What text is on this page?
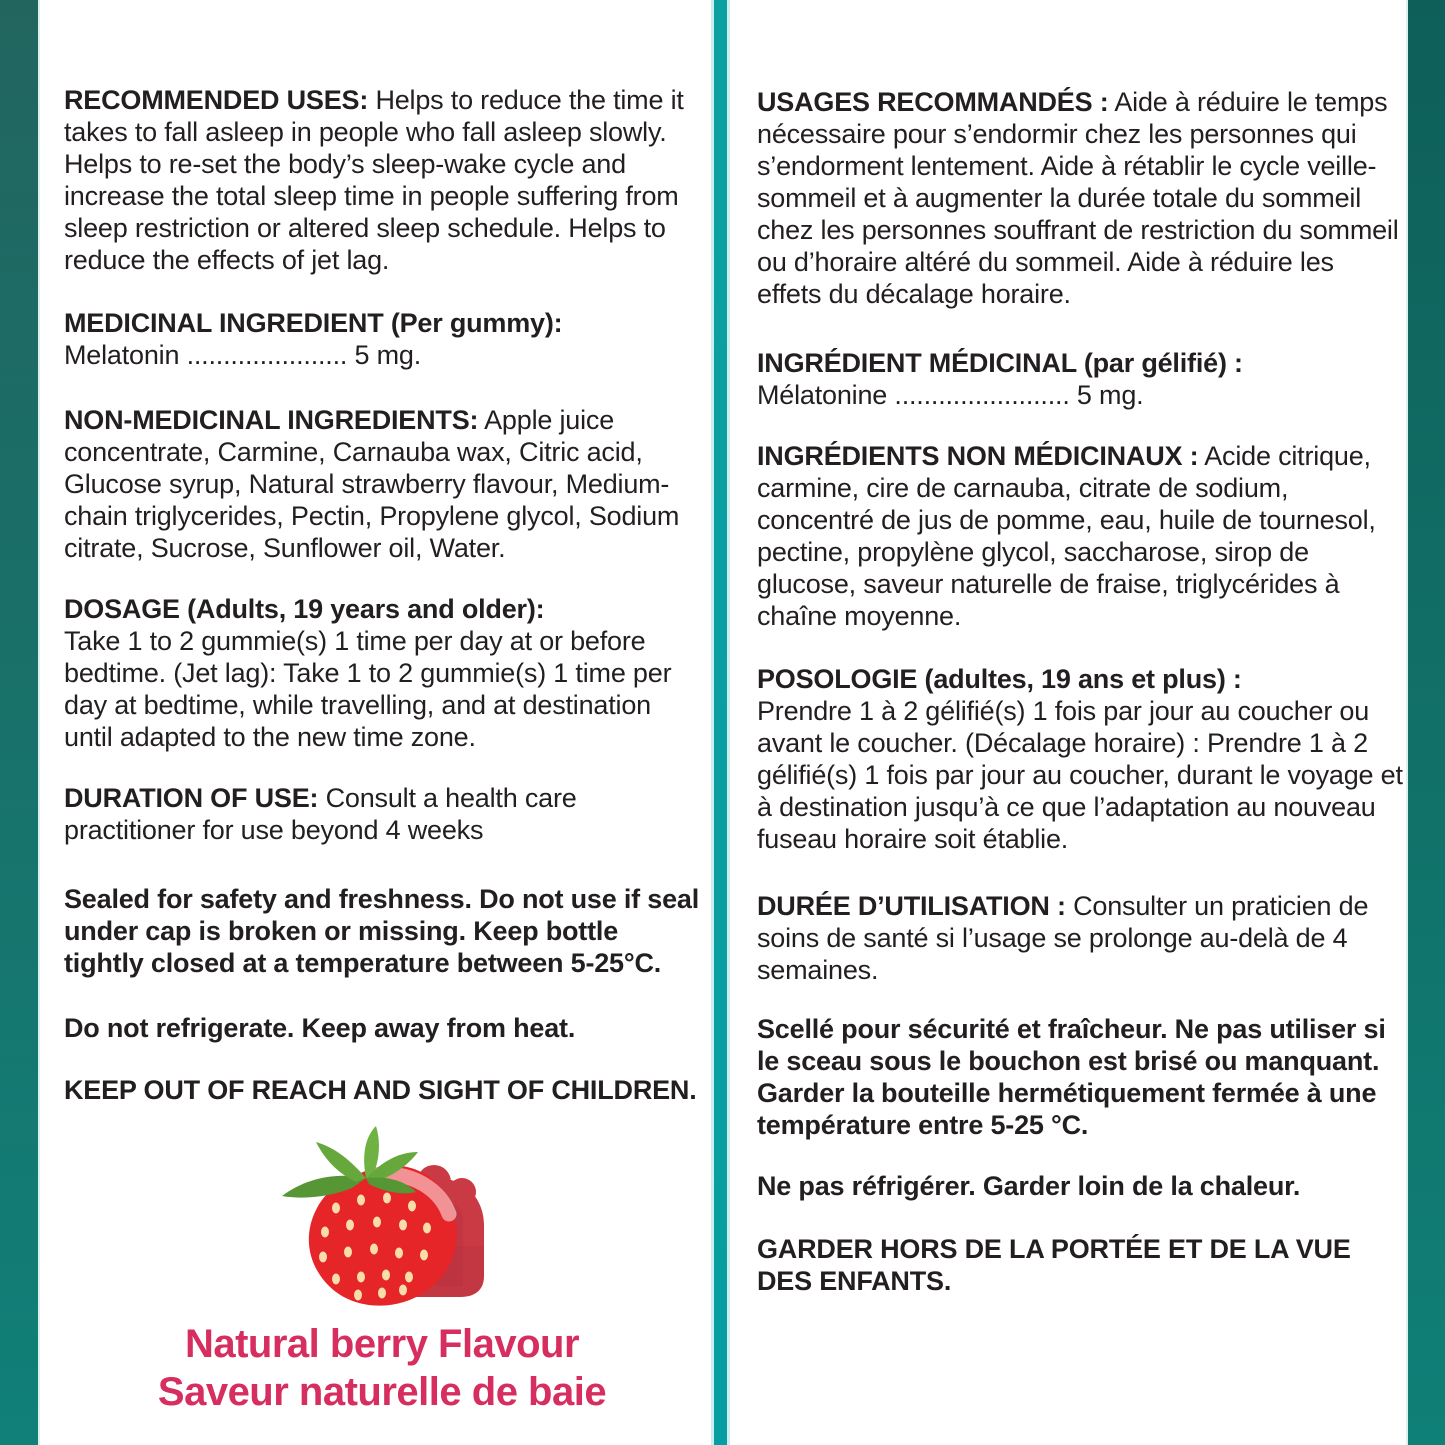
RECOMMENDED USES: Helps to reduce the time it takes to fall asleep in people who fall asleep slowly. Helps to re-set the body’s sleep-wake cycle and increase the total sleep time in people suffering from sleep restriction or altered sleep schedule. Helps to reduce the effects of jet lag.

MEDICINAL INGREDIENT (Per gummy):
Melatonin ...................... 5 mg.

NON-MEDICINAL INGREDIENTS: Apple juice concentrate, Carmine, Carnauba wax, Citric acid, Glucose syrup, Natural strawberry flavour, Medium-chain triglycerides, Pectin, Propylene glycol, Sodium citrate, Sucrose, Sunflower oil, Water.

DOSAGE (Adults, 19 years and older):
Take 1 to 2 gummie(s) 1 time per day at or before bedtime. (Jet lag): Take 1 to 2 gummie(s) 1 time per day at bedtime, while travelling, and at destination until adapted to the new time zone.

DURATION OF USE: Consult a health care practitioner for use beyond 4 weeks

Sealed for safety and freshness. Do not use if seal under cap is broken or missing. Keep bottle tightly closed at a temperature between 5-25°C.

Do not refrigerate. Keep away from heat.

KEEP OUT OF REACH AND SIGHT OF CHILDREN.

Natural berry Flavour
Saveur naturelle de baie

USAGES RECOMMANDÉS : Aide à réduire le temps nécessaire pour s’endormir chez les personnes qui s’endorment lentement. Aide à rétablir le cycle veille-sommeil et à augmenter la durée totale du sommeil chez les personnes souffrant de restriction du sommeil ou d’horaire altéré du sommeil. Aide à réduire les effets du décalage horaire.

INGRÉDIENT MÉDICINAL (par gélifié) :
Mélatonine ........................ 5 mg.

INGRÉDIENTS NON MÉDICINAUX : Acide citrique, carmine, cire de carnauba, citrate de sodium, concentré de jus de pomme, eau, huile de tournesol, pectine, propylène glycol, saccharose, sirop de glucose, saveur naturelle de fraise, triglycérides à chaîne moyenne.

POSOLOGIE (adultes, 19 ans et plus) :
Prendre 1 à 2 gélifié(s) 1 fois par jour au coucher ou avant le coucher. (Décalage horaire) : Prendre 1 à 2 gélifié(s) 1 fois par jour au coucher, durant le voyage et à destination jusqu’à ce que l’adaptation au nouveau fuseau horaire soit établie.

DURÉE D’UTILISATION : Consulter un praticien de soins de santé si l’usage se prolonge au-delà de 4 semaines.

Scellé pour sécurité et fraîcheur. Ne pas utiliser si le sceau sous le bouchon est brisé ou manquant. Garder la bouteille hermétiquement fermée à une température entre 5-25 °C.

Ne pas réfrigérer. Garder loin de la chaleur.

GARDER HORS DE LA PORTÉE ET DE LA VUE DES ENFANTS.
